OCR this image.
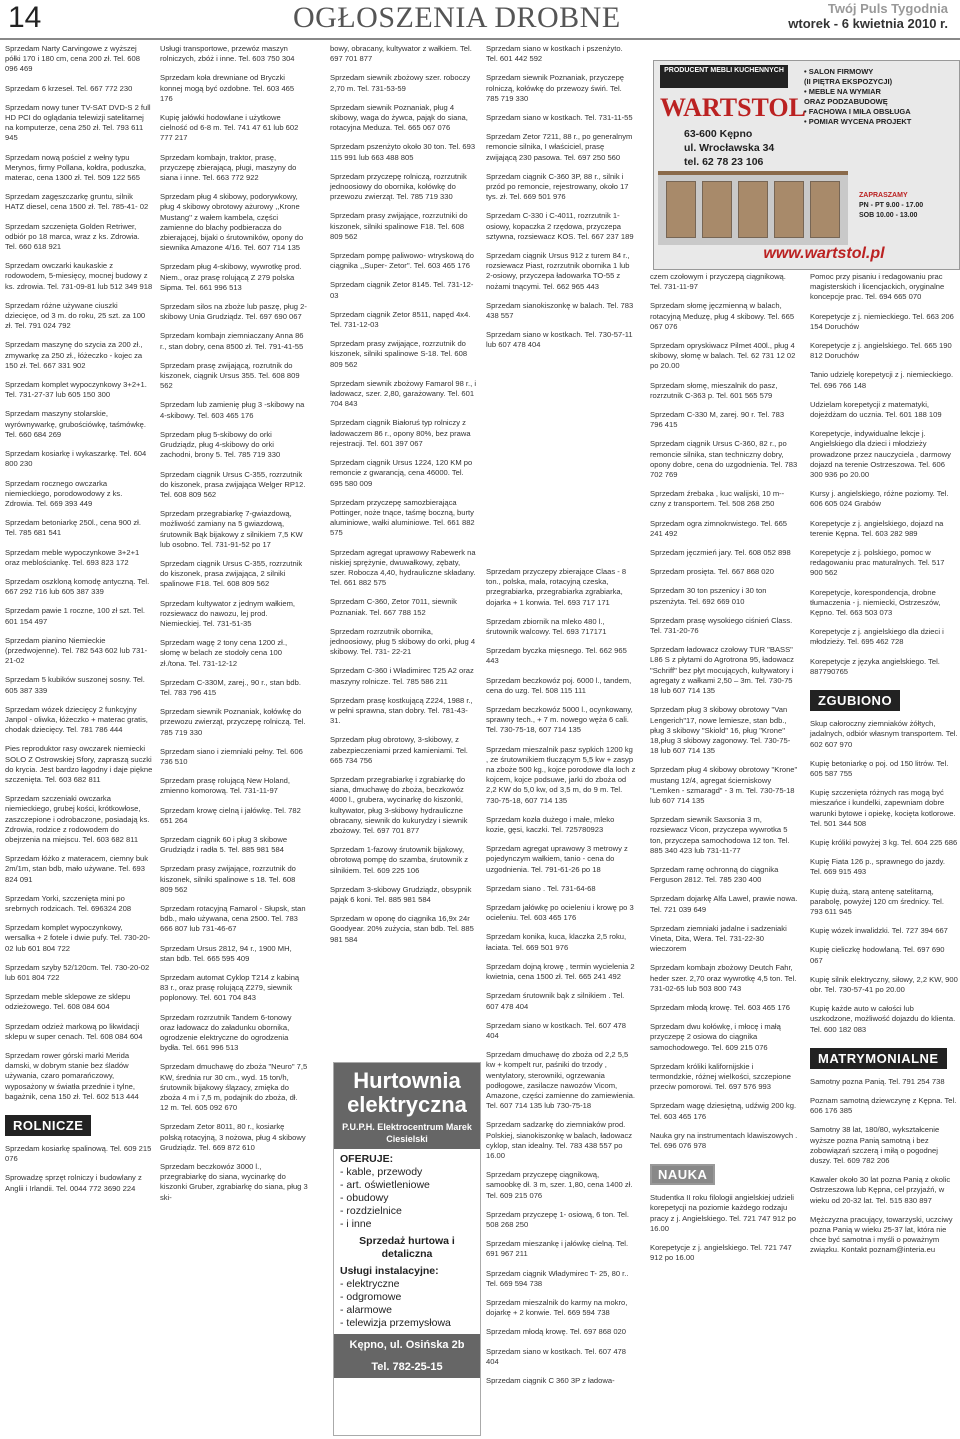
14	OGŁOSZENIA DROBNE	Twój Puls Tygodnia
wtorek - 6 kwietnia 2010 r.

Sprzedam Narty Carvingowe z wyższej półki 170 i 180 cm, cena 200 zł. Tel. 608 096 469

Sprzedam 6 krzeseł. Tel. 667 772 230

Sprzedam nowy tuner TV-SAT DVD-S 2 full HD PCI do oglądania telewizji satelitarnej na komputerze, cena 250 zł. Tel. 793 611 945

Sprzedam nową pościel z wełny typu Merynos, firmy Pollana, kołdra, poduszka, materac, cena 1300 zł. Tel. 509 122 565

Sprzedam zagęszczarkę gruntu, silnik HATZ diesel, cena 1500 zł. Tel. 785-41- 02

Sprzedam szczenięta Golden Retriwer, odbiór po 18 marca, wraz z ks. Zdrowia. Tel. 660 618 921

Sprzedam owczarki kaukaskie z rodowodem, 5-miesięcy, mocnej budowy z ks. zdrowia. Tel. 731-09-81 lub 512 349 918

Sprzedam różne używane ciuszki dziecięce, od 3 m. do roku, 25 szt. za 100 zł. Tel. 791 024 792

Sprzedam maszynę do szycia za 200 zł., zmywarkę za 250 zł., łóżeczko - kojec za 150 zł. Tel. 667 331 902

Sprzedam komplet wypoczynkowy 3+2+1. Tel. 731-27-37 lub 605 150 300

Sprzedam maszyny stolarskie, wyrównywarkę, grubościówkę, taśmówkę. Tel. 660 684 269

Sprzedam kosiarkę i wykaszarkę. Tel. 604 800 230

Sprzedam rocznego owczarka niemieckiego, porodowodowy z ks. Zdrowia. Tel. 669 393 449

Sprzedam betoniarkę 250l., cena 900 zł. Tel. 785 681 541

Sprzedam meble wypoczynkowe 3+2+1 oraz meblościankę. Tel. 693 823 172

Sprzedam oszkloną komodę antyczną. Tel. 667 292 716 lub 605 387 339

Sprzedam pawie 1 roczne, 100 zł szt. Tel. 601 154 497

Sprzedam pianino Niemieckie (przedwojenne). Tel. 782 543 602 lub 731-21-02

Sprzedam 5 kubików suszonej sosny. Tel. 605 387 339

Sprzedam wózek dziecięcy 2 funkcyjny Janpol - oliwka, łóżeczko + materac gratis, chodak dziecięcy. Tel. 781 786 444

Pies reproduktor rasy owczarek niemiecki SOLO Z Ostrowskiej Sfory, zapraszą suczki do krycia. Jest bardzo łagodny i daje piękne szczenięta. Tel. 603 682 811

Sprzedam szczeniaki owczarka niemieckiego, grubej kości, krótkowłose, zaszczepione i odrobaczone, posiadają ks. Zdrowia, rodzice z rodowodem do obejrzenia na miejscu. Tel. 603 682 811

Sprzedam łóżko z materacem, ciemny buk 2m/1m, stan bdb, mało używane. Tel. 693 824 091

Sprzedam Yorki, szczenięta mini po srebrnych rodzicach. Tel. 696324 208

Sprzedam komplet wypoczynkowy, wersalka + 2 fotele i dwie pufy. Tel. 730-20-02 lub 601 804 722

Sprzedam szyby 52/120cm. Tel. 730-20-02 lub 601 804 722

Sprzedam meble sklepowe ze sklepu odzieżowego. Tel. 608 084 604

Sprzedam odzież markową po likwidacji sklepu w super cenach. Tel. 608 084 604

Sprzedam rower górski marki Merida damski, w dobrym stanie bez śladów używania, czaro pomarańczowy, wyposażony w światła przednie i tylne, bagażnik, cena 150 zł. Tel. 602 513 444

ROLNICZE

Sprzedam kosiarkę spalinową. Tel. 609 215 076

Sprowadzę sprzęt rolniczy i budowlany z Anglii i Irlandii. Tel. 0044 772 3690 224

Usługi transportowe, przewóz maszyn rolniczych, zbóż i inne. Tel. 603 750 304

Sprzedam koła drewniane od Bryczki konnej mogą być ozdobne. Tel. 603 465 176

Kupię jałówki hodowlane i użytkowe cielność od 6-8 m. Tel. 741 47 61 lub 602 777 217

Sprzedam kombajn, traktor, prasę, przyczepę zbierającą, pługi, maszyny do siana i inne. Tel. 663 772 922

Sprzedam pług 4 skibowy, podorywkowy, pług 4 skibowy obrotowy ażurowy ,,Krone Mustang'' z wałem kambela, części zamienne do blachy podbieracza do zbierającej, bijaki o śrutowników, opony do siewnika Amazone 4/16. Tel. 607 714 135

Sprzedam pług 4-skibowy, wywrotkę prod. Niem., oraz prasę rolującą Z 279 polska Sipma. Tel. 661 996 513

Sprzedam silos na zboże lub paszę, pług 2-skibowy Unia Grudziądz. Tel. 697 690 067

Sprzedam kombajn ziemniaczany Anna 86 r., stan dobry, cena 8500 zł. Tel. 791-41-55

Sprzedam prasę zwijającą, rozrutnik do kiszonek, ciągnik Ursus 355. Tel. 608 809 562

Sprzedam lub zamienię pług 3 -skibowy na 4-skibowy. Tel. 603 465 176

Sprzedam pług 5-skibowy do orki Grudziądz, pług 4-skibowy do orki zachodni, brony 5. Tel. 785 719 330

Sprzedam ciągnik Ursus C-355, rozrzutnik do kiszonek, prasa zwijająca Welger RP12. Tel. 608 809 562

Sprzedam przegrabiarkę 7-gwiazdową, możliwość zamiany na 5 gwiazdową, śrutownik Bąk bijakowy z silnikiem 7,5 KW lub osobno. Tel. 731-91-52 po 17

Sprzedam ciągnik Ursus C-355, rozrzutnik do kiszonek, prasa zwijająca, 2 silniki spalinowe F18. Tel. 608 809 562

Sprzedam kultywator z jednym wałkiem, rozsiewacz do nawozu, lej prod. Niemieckiej. Tel. 731-51-35

Sprzedam wagę 2 tony cena 1200 zł., słomę w belach ze stodoły cena 100 zł./tona. Tel. 731-12-12

Sprzedam C-330M, zarej., 90 r., stan bdb. Tel. 783 796 415

Sprzedam siewnik Poznaniak, kołówkę do przewozu zwierząt, przyczepę rolniczą. Tel. 785 719 330

Sprzedam siano i ziemniaki pełny. Tel. 606 736 510

Sprzedam prasę rolującą New Holand, zmienno komorową. Tel. 731-11-97

Sprzedam krowę cielną i jałówkę. Tel. 782 651 264

Sprzedam ciągnik 60 i pług 3 skibowe Grudziądz i radła 5. Tel. 885 981 584

Sprzedam prasy zwijające, rozrzutnik do kiszonek, silniki spalinowe s 18. Tel. 608 809 562

Sprzedam rotacyjną Famarol - Słupsk, stan bdb., mało używana, cena 2500. Tel. 783 666 807 lub 731-46-67

Sprzedam Ursus 2812, 94 r., 1900 MH, stan bdb. Tel. 665 595 409

Sprzedam automat Cyklop T214 z kabiną 83 r., oraz prasę rolującą Z279, siewnik poplonowy. Tel. 601 704 843

Sprzedam rozrzutnik Tandem 6-tonowy oraz ładowacz do załadunku obornika, ogrodzenie elektryczne do ogrodzenia bydła. Tel. 661 996 513

Sprzedam dmuchawę do zboża "Neuro" 7,5 KW, średnia rur 30 cm., wyd. 15 ton/h, śrutownik bijakowy ślązacy, zmięka do zboża 4 m i 7,5 m, podajnik do zboża, dł. 12 m. Tel. 605 092 670

Sprzedam Zetor 8011, 80 r., kosiarkę polską rotacyjną, 3 nożowa, pług 4 skibowy Grudziądz. Tel. 669 872 610

Sprzedam beczkowóz 3000 l., przegrabiarkę do siana, wycinarkę do kiszonki Gruber, zgrabiarkę do siana, pług 3 ski-

bowy, obracany, kultywator z wałkiem. Tel. 697 701 877

Sprzedam siewnik zbożowy szer. roboczy 2,70 m. Tel. 731-53-59

Sprzedam siewnik Poznaniak, pług 4 skibowy, waga do żywca, pająk do siana, rotacyjna Meduza. Tel. 665 067 076

Sprzedam pszenżyto około 30 ton. Tel. 693 115 991 lub 663 488 805

Sprzedam przyczepę rolniczą, rozrzutnik jednoosiowy do obornika, kołówkę do przewozu zwierząt. Tel. 785 719 330

Sprzedam prasy zwijające, rozrzutniki do kiszonek, silniki spalinowe F18. Tel. 608 809 562

Sprzedam pompę paliwowo- wtryskową do ciągnika ,,Super- Zetor''. Tel. 603 465 176

Sprzedam ciągnik Zetor 8145. Tel. 731-12-03

Sprzedam ciągnik Zetor 8511, napęd 4x4. Tel. 731-12-03

Sprzedam prasy zwijające, rozrzutnik do kiszonek, silniki spalinowe S-18. Tel. 608 809 562

Sprzedam siewnik zbożowy Famarol 98 r., i ładowacz, szer. 2,80, garażowany. Tel. 601 704 843

Sprzedam ciągnik Białoruś typ rolniczy z ładowaczem 86 r., opony 80%, bez prawa rejestracji. Tel. 601 397 067

Sprzedam ciągnik Ursus 1224, 120 KM po remoncie z gwarancją, cena 46000. Tel. 695 580 009

Sprzedam przyczepę samozbierająca Pottinger, noże tnące, taśmę boczną, burty aluminiowe, wałki aluminiowe. Tel. 661 882 575

Sprzedam agregat uprawowy Rabewerk na niskiej sprężynie, dwuwałkowy, zębaty, szer. Robocza 4,40, hydrauliczne składany. Tel. 661 882 575

Sprzedam C-360, Zetor 7011, siewnik Poznaniak. Tel. 667 788 152

Sprzedam rozrzutnik obornika, jednoosiowy, pług 5 skibowy do orki, pług 4 skibowy. Tel. 731- 22-21

Sprzedam C-360 i Władimirec T25 A2 oraz maszyny rolnicze. Tel. 785 586 211

Sprzedam prasę kostkującą Z224, 1988 r., w pełni sprawna, stan dobry. Tel. 781-43-31.

Sprzedam pług obrotowy, 3-skibowy, z zabezpieczeniami przed kamieniami. Tel. 665 734 756

Sprzedam przegrabiarkę i zgrabiarkę do siana, dmuchawę do zboża, beczkowóz 4000 l., grubera, wycinarkę do kiszonki, kultywator, pług 3-skibowy hydrauliczne obracany, siewnik do kukurydzy i siewnik zbożowy. Tel. 697 701 877

Sprzedam 1-fazowy śrutownik bijakowy, obrotową pompę do szamba, śrutownik z silnikiem. Tel. 609 225 106

Sprzedam 3-skibowy Grudziądz, obsypnik pająk 6 koni. Tel. 885 981 584

Sprzedam w oponę do ciągnika 16,9x 24r Goodyear. 20% zużycia, stan bdb. Tel. 885 981 584

Hurtownia elektryczna
P.U.P.H. Elektrocentrum Marek Ciesielski
OFERUJE:
- kable, przewody
- art. oświetleniowe
- obudowy
- rozdzielnice
- i inne
Sprzedaż hurtowa i detaliczna
Usługi instalacyjne:
- elektryczne
- odgromowe
- alarmowe
- telewizja przemysłowa
Kępno, ul. Osińska 2b
Tel. 782-25-15

Sprzedam siano w kostkach i pszenżyto. Tel. 601 442 592

Sprzedam siewnik Poznaniak, przyczepę rolniczą, kołówkę do przewozy świń. Tel. 785 719 330

Sprzedam siano w kostkach. Tel. 731-11-55

Sprzedam Zetor 7211, 88 r., po generalnym remoncie silnika, I właściciel, prasę zwijającą 230 pasowa. Tel. 697 250 560

Sprzedam ciągnik C-360 3P, 88 r., silnik i przód po remoncie, rejestrowany, około 17 tys. zł. Tel. 669 501 976

Sprzedam C-330 i C-4011, rozrzutnik 1-osiowy, kopaczka 2 rzędowa, przyczepa sztywna, rozsiewacz KOS. Tel. 667 237 189

Sprzedam ciągnik Ursus 912 z turem 84 r., rozsiewacz Piast, rozrzutnik obornika 1 lub 2-osiowy, przyczepa ładowarka TO-55 z nożami tnącymi. Tel. 662 965 443

Sprzedam sianokiszonkę w balach. Tel. 783 438 557

Sprzedam siano w kostkach. Tel. 730-57-11 lub 607 478 404

Sprzedam przyczepy zbierające Claas - 8 ton., polska, mała, rotacyjną czeska, przegrabiarka, przegrabiarka zgrabiarka, dojarka + 1 konwia. Tel. 693 717 171

Sprzedam zbiornik na mleko 480 l., śrutownik walcowy. Tel. 693 717171

Sprzedam byczka mięsnego. Tel. 662 965 443

Sprzedam beczkowóz poj. 6000 l., tandem, cena do uzg. Tel. 508 115 111

Sprzedam beczkowóz 5000 l., ocynkowany, sprawny tech., + 7 m. nowego węża 6 cali. Tel. 730-75-18, 607 714 135

Sprzedam mieszalnik pasz sypkich 1200 kg , ze śrutownikiem tłuczącym 5,5 kw + zasyp na zboże 500 kg., kojce porodowe dla loch z kojcem, kojce podsuwe, jarki do zboża od 2,2 KW do 5,0 kw, od 3,5 m, do 9 m. Tel. 730-75-18, 607 714 135

Sprzedam kozła dużego i małe, mleko kozie, gęsi, kaczki. Tel. 725780923

Sprzedam agregat uprawowy 3 metrowy z pojedynczym wałkiem, tanio - cena do uzgodnienia. Tel. 791-61-26 po 18

Sprzedam siano . Tel. 731-64-68

Sprzedam jałówkę po ocieleniu i krowę po 3 ocieleniu. Tel. 603 465 176

Sprzedam konika, kuca, klaczka 2,5 roku, łaciata. Tel. 669 501 976

Sprzedam dojną krowę , termin wycielenia 2 kwietnia, cena 1500 zł. Tel. 665 241 492

Sprzedam śrutownik bąk z silnikiem . Tel. 607 478 404

Sprzedam siano w kostkach. Tel. 607 478 404

Sprzedam dmuchawę do zboża od 2,2 5,5 kw + kompelt rur, paśniki do trzody , wentylatory, sterowniki, ogrzewania podłogowe, zasilacze nawozów Vicom, Amazone, części zamienne do zamiewienia. Tel. 607 714 135 lub 730-75-18

Sprzedam sadzarkę do ziemniaków prod. Polskiej, sianokiszonkę w balach, ładowacz cyklop, stan idealny. Tel. 783 438 557 po 16.00

Sprzedam przyczepę ciągnikową, samoobkę dł. 3 m, szer. 1,80, cena 1400 zł. Tel. 609 215 076

Sprzedam przyczepę 1- osiową, 6 ton. Tel. 508 268 250

Sprzedam mieszankę i jałówkę cielną. Tel. 691 967 211

Sprzedam ciągnik Władymirec T- 25, 80 r.. Tel. 669 594 738

Sprzedam mieszalnik do karmy na mokro, dojarkę + 2 konwie. Tel. 669 594 738

Sprzedam młodą krowę. Tel. 697 868 020

Sprzedam siano w kostkach. Tel. 607 478 404

Sprzedam ciągnik C 360 3P z ładowa-

PRODUCENT MEBLI KUCHENNYCH
WARTSTOL
• SALON FIRMOWY
(II PIĘTRA EKSPOZYCJI)
• MEBLE NA WYMIAR
ORAZ PODZABUDOWĘ
• FACHOWA I MIŁA OBSŁUGA
• POMIAR WYCENA PROJEKT
63-600 Kępno
ul. Wrocławska 34
tel. 62 78 23 106
ZAPRASZAMY
PN - PT 9.00 - 17.00
SOB 10.00 - 13.00
www.wartstol.pl

czem czołowym i przyczepą ciągnikową. Tel. 731-11-97

Sprzedam słomę jęczmienną w balach, rotacyjną Meduzę, pług 4 skibowy. Tel. 665 067 076

Sprzedam opryskiwacz Pilmet 400l., pług 4 skibowy, słomę w balach. Tel. 62 731 12 02 po 20.00

Sprzedam słomę, mieszalnik do pasz, rozrzutnik C-363 p. Tel. 601 565 579

Sprzedam C-330 M, zarej. 90 r. Tel. 783 796 415

Sprzedam ciągnik Ursus C-360, 82 r., po remoncie silnika, stan techniczny dobry, opony dobre, cena do uzgodnienia. Tel. 783 702 769

Sprzedam źrebaka , kuc walijski, 10 m--czny z transportem. Tel. 508 268 250

Sprzedam ogra zimnokrwistego. Tel. 665 241 492

Sprzedam jęczmień jary. Tel. 608 052 898

Sprzedam prosięta. Tel. 667 868 020

Sprzedam 30 ton pszenicy i 30 ton pszenżyta. Tel. 692 669 010

Sprzedam prasę wysokiego ciśnień Class. Tel. 731-20-76

Sprzedam ładowacz czołowy TUR "BASS" L86 S z płytami do Agrotrona 95, ładowacz "Schriff" bez płyt mocujących, kultywatory i agregaty z wałkami 2,50 – 3m. Tel. 730-75 18 lub 607 714 135

Sprzedam pług 3 skibowy obrotowy "Van Lengerich"17, nowe lemiesze, stan bdb., pług 3 skibowy "Skiold" 16, pług "Krone" 18,pług 3 skibowy zagonowy. Tel. 730-75-18 lub 607 714 135

Sprzedam pług 4 skibowy obrotowy "Krone" mustang 12/4, agregat ścierniskowy "Lemken - szmaragd" - 3 m. Tel. 730-75-18 lub 607 714 135

Sprzedam siewnik Saxsonia 3 m, rozsiewacz Vicon, przyczepa wywrotka 5 ton, przyczepa samochodowa 12 ton. Tel. 885 340 423 lub 731-11-77

Sprzedam ramę ochronną do ciągnika Ferguson 2812. Tel. 785 230 400

Sprzedam dojarkę Alfa Lawel, prawie nowa. Tel. 721 039 649

Sprzedam ziemniaki jadalne i sadzeniaki Vineta, Dita, Wera. Tel. 731-22-30 wieczorem

Sprzedam kombajn zbożowy Deutch Fahr, heder szer. 2,70 oraz wywrotkę 4,5 ton. Tel. 731-02-65 lub 503 800 743

Sprzedam młodą krowę. Tel. 603 465 176

Sprzedam dwu kołówkę, i młocę i małą przyczepę 2 osiowa do ciągnika samochodowego. Tel. 609 215 076

Sprzedam króliki kalifornijskie i termondzkie, różnej wielkości, szczepione przeciw pomorowi. Tel. 697 576 993

Sprzedam wagę dziesiętną, udźwig 200 kg. Tel. 603 465 176

Nauka gry na instrumentach klawiszowych . Tel. 696 076 978

NAUKA

Studentka II roku filologii angielskiej udzieli korepetycji na poziomie każdego rodzaju pracy z j. Angielskiego. Tel. 721 747 912 po 16.00

Korepetycje z j. angielskiego. Tel. 721 747 912 po 16.00

Pomoc przy pisaniu i redagowaniu prac magisterskich i licencjackich, oryginalne koncepcje prac. Tel. 694 665 070

Korepetycje z j. niemieckiego. Tel. 663 206 154 Doruchów

Korepetycje z j. angielskiego. Tel. 665 190 812 Doruchów

Tanio udzielę korepetycji z j. niemieckiego. Tel. 696 766 148

Udzielam korepetycji z matematyki, dojeżdżam do ucznia. Tel. 601 188 109

Korepetycje, indywidualne lekcje j. Angielskiego dla dzieci i młodzieży prowadzone przez nauczyciela , darmowy dojazd na terenie Ostrzeszowa. Tel. 606 300 936 po 20.00

Kursy j. angielskiego, różne poziomy. Tel. 606 605 024 Grabów

Korepetycje z j. angielskiego, dojazd na terenie Kępna. Tel. 603 282 989

Korepetycje z j. polskiego, pomoc w redagowaniu prac maturalnych. Tel. 517 900 562

Korepetycje, korespondencja, drobne tłumaczenia - j. niemiecki, Ostrzeszów, Kępno. Tel. 663 503 073

Korepetycje z j. angielskiego dla dzieci i młodzieży. Tel. 695 462 728

Korepetycje z języka angielskiego. Tel. 887790765

ZGUBIONO

Skup całoroczny ziemniaków żółtych, jadalnych, odbiór własnym transportem. Tel. 602 607 970

Kupię betoniarkę o poj. od 150 litrów. Tel. 605 587 755

Kupię szczenięta różnych ras mogą być mieszańce i kundelki, zapewniam dobre warunki bytowe i opiekę, kocięta kotlorowe. Tel. 501 344 508

Kupię króliki powyżej 3 kg. Tel. 604 225 686

Kupię Fiata 126 p., sprawnego do jazdy. Tel. 669 915 493

Kupię dużą, starą antenę satelitarną, parabolę, powyżej 120 cm średnicy. Tel. 793 611 945

Kupię wózek inwalidzki. Tel. 727 394 667

Kupię cieliczkę hodowlaną. Tel. 697 690 067

Kupię silnik elektryczny, siłowy, 2,2 KW, 900 obr. Tel. 730-57-41 po 20.00

Kupię każde auto w całości lub uszkodzone, możliwość dojazdu do klienta. Tel. 600 182 083

MATRYMONIALNE

Samotny pozna Panią. Tel. 791 254 738

Poznam samotną dziewczynę z Kępna. Tel. 606 176 385

Samotny 38 lat, 180/80, wykształcenie wyższe pozna Panią samotną i bez zobowiązań szczerą i miłą o pogodnej duszy. Tel. 609 782 206

Kawaler około 30 lat pozna Panią z okolic Ostrzeszowa lub Kępna, cel przyjaźń, w wieku od 20-32 lat. Tel. 515 830 897

Mężczyzna pracujący, towarzyski, uczciwy pozna Panią w wieku 25-37 lat, która nie chce być samotna i myśli o poważnym związku. Kontakt poznam@interia.eu
